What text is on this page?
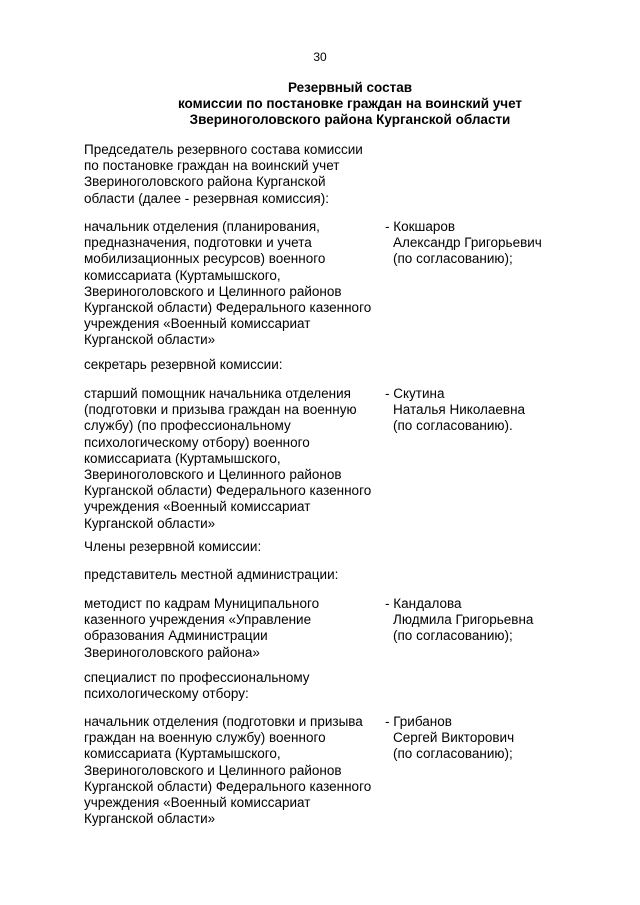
30
Резервный состав
комиссии по постановке граждан на воинский учет
Звериноголовского района Курганской области
Председатель резервного состава комиссии
по постановке граждан на воинский учет
Звериноголовского района Курганской
области (далее - резервная комиссия):
начальник отделения (планирования,
предназначения, подготовки и учета
мобилизационных ресурсов) военного
комиссариата (Куртамышского,
Звериноголовского и Целинного районов
Курганской области) Федерального казенного
учреждения «Военный комиссариат
Курганской области»
- Кокшаров
Александр Григорьевич
(по согласованию);
секретарь резервной комиссии:
старший помощник начальника отделения
(подготовки и призыва граждан на военную
службу) (по профессиональному
психологическому отбору) военного
комиссариата (Куртамышского,
Звериноголовского и Целинного районов
Курганской области) Федерального казенного
учреждения «Военный комиссариат
Курганской области»
- Скутина
Наталья Николаевна
(по согласованию).
Члены резервной комиссии:
представитель местной администрации:
методист по кадрам Муниципального
казенного учреждения «Управление
образования Администрации
Звериноголовского района»
- Кандалова
Людмила Григорьевна
(по согласованию);
специалист по профессиональному
психологическому отбору:
начальник отделения (подготовки и призыва
граждан на военную службу) военного
комиссариата (Куртамышского,
Звериноголовского и Целинного районов
Курганской области) Федерального казенного
учреждения «Военный комиссариат
Курганской области»
- Грибанов
Сергей Викторович
(по согласованию);
